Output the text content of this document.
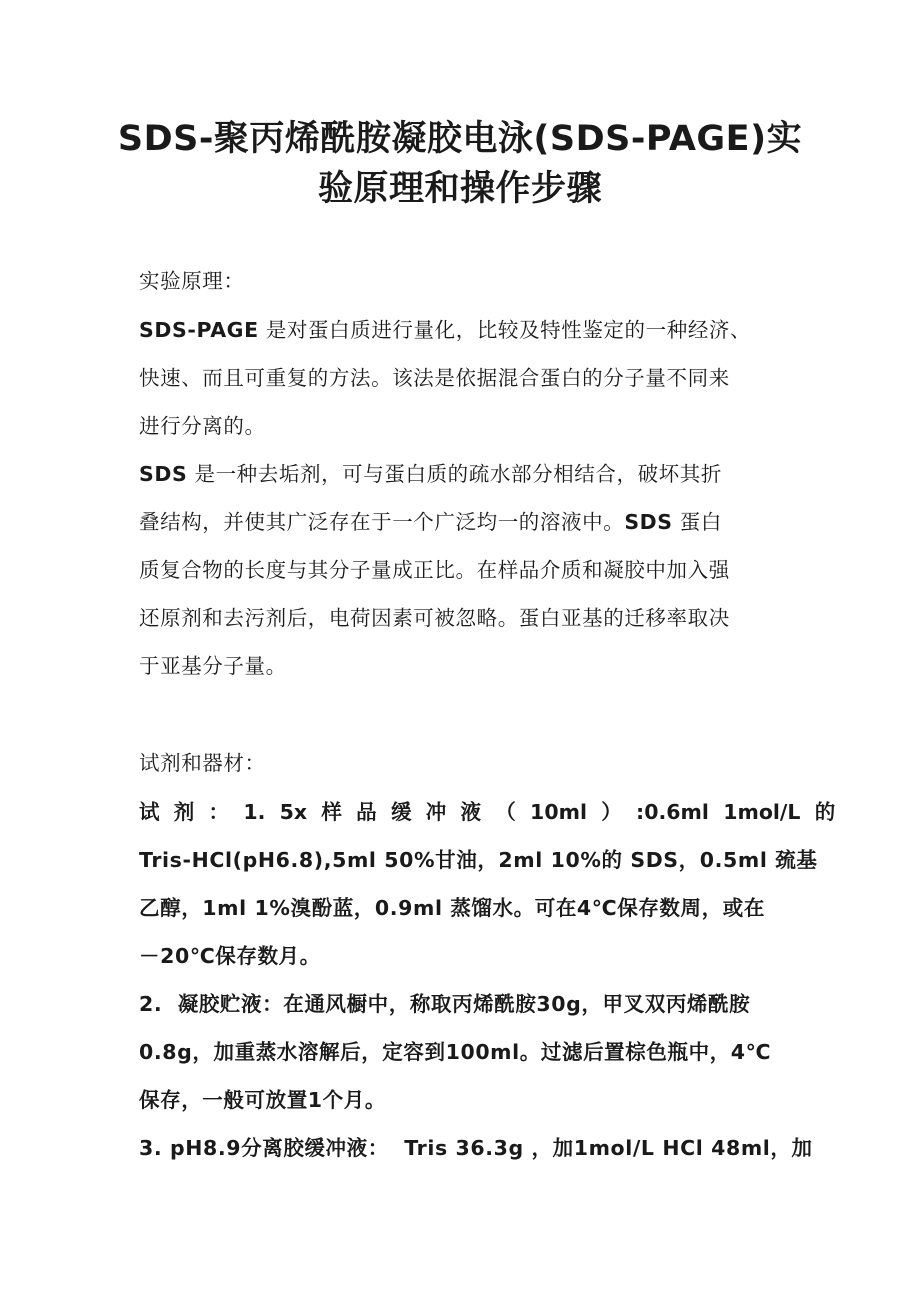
SDS-聚丙烯酰胺凝胶电泳(SDS-PAGE)实
验原理和操作步骤
实验原理：
SDS-PAGE 是对蛋白质进行量化，比较及特性鉴定的一种经济、
快速、而且可重复的方法。该法是依据混合蛋白的分子量不同来
进行分离的。
SDS 是一种去垢剂，可与蛋白质的疏水部分相结合，破坏其折
叠结构，并使其广泛存在于一个广泛均一的溶液中。SDS 蛋白
质复合物的长度与其分子量成正比。在样品介质和凝胶中加入强
还原剂和去污剂后，电荷因素可被忽略。蛋白亚基的迁移率取决
于亚基分子量。
试剂和器材：
试  剂  ：  1.  5x  样  品  缓  冲  液  （  10ml  ）  :0.6ml  1mol/L  的
Tris-HCl(pH6.8),5ml 50%甘油，2ml 10%的 SDS，0.5ml 巯基
乙醇，1ml 1%溴酚蓝，0.9ml 蒸馏水。可在4℃保存数周，或在
－20℃保存数月。
2.  凝胶贮液：在通风橱中，称取丙烯酰胺30g，甲叉双丙烯酰胺
0.8g，加重蒸水溶解后，定容到100ml。过滤后置棕色瓶中，4℃
保存，一般可放置1个月。
3. pH8.9分离胶缓冲液：  Tris 36.3g ，加1mol/L HCl 48ml，加
